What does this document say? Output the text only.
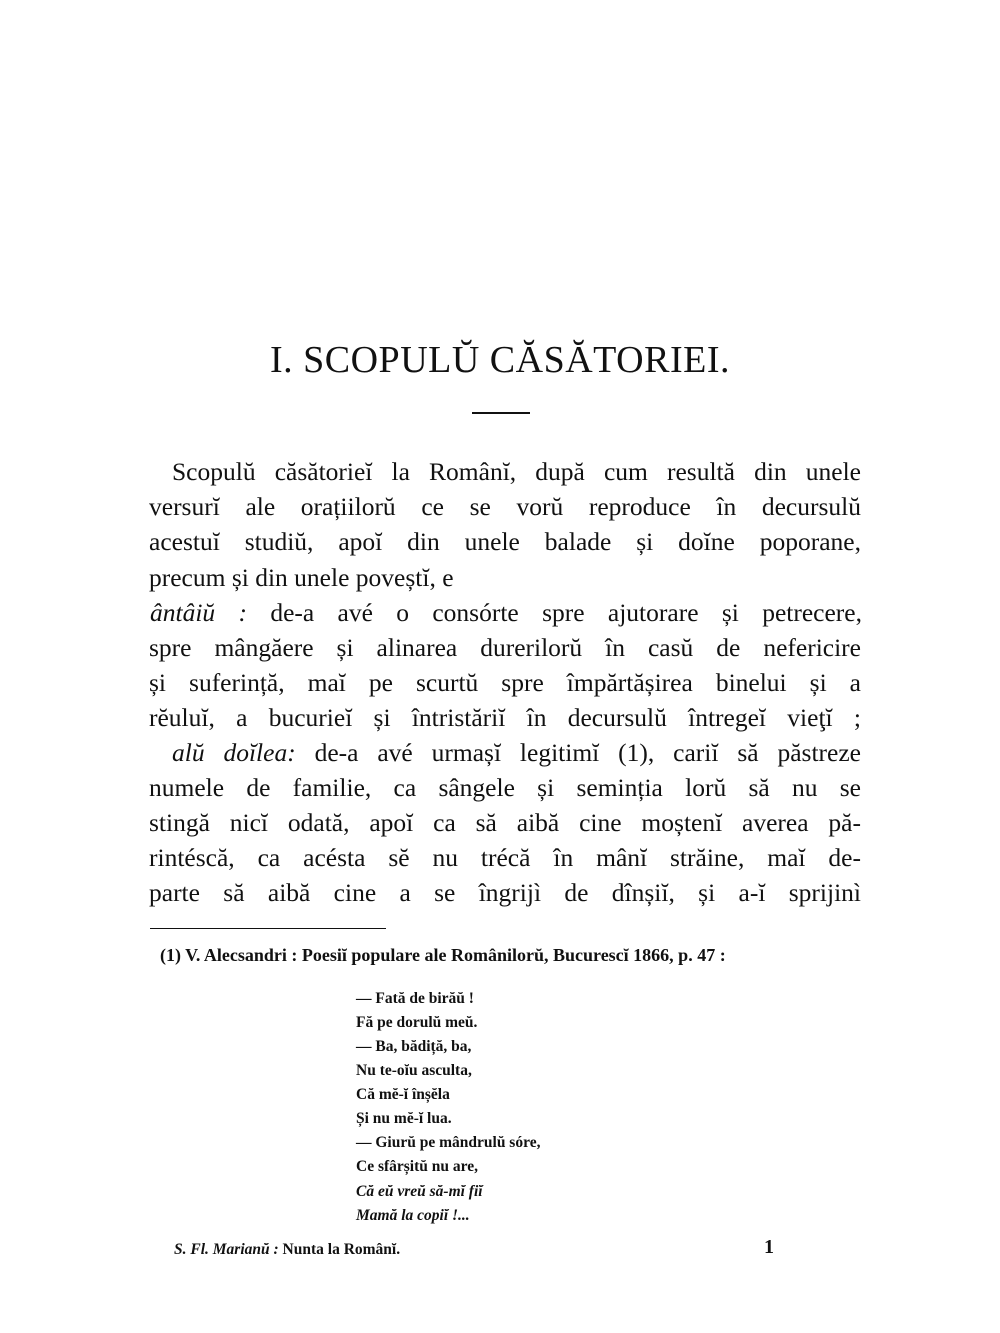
I. SCOPULŬ CĂSĂTORIEI.
Scopulŭ căsătorieĭ la Românĭ, după cum resultă din unele
versurĭ ale orațiilorŭ ce se vorŭ reproduce în decursulŭ
acestuĭ studiŭ, apoĭ din unele balade și doĭne poporane,
precum și din unele poveștĭ, e
ântâiŭ : de-a avé o consórte spre ajutorare și petrecere,
spre mângăere și alinarea durerilorŭ în casŭ de nefericire
și suferință, maĭ pe scurtŭ spre împărtășirea binelui și a
rĕuluĭ, a bucurieĭ și întristăriĭ în decursulŭ întregeĭ vieţĭ ;
alŭ doĭlea: de-a avé urmașĭ legitimĭ (1), cariĭ să păstreze
numele de familie, ca sângele și seminția lorŭ să nu se
stingă nicĭ odată, apoĭ ca să aibă cine moștenĭ averea pă-
rintéscă, ca acésta sĕ nu trécă în mânĭ străine, maĭ de-
parte să aibă cine a se îngrijì de dînșiĭ, și a-ĭ sprijinì
(1) V. Alecsandri : Poesiĭ populare ale Românilorŭ, Bucurescĭ 1866, p. 47 :
— Fată de birăŭ !
Fă pe dorulŭ meŭ.
— Ba, bădiță, ba,
Nu te-oĭu asculta,
Că mĕ-ĭ înșĕla
Și nu mĕ-ĭ lua.
— Giurŭ pe mândrulŭ sóre,
Ce sfârșitŭ nu are,
Că eŭ vreŭ să-mĭ fiĭ
Mamă la copiĭ !...
S. Fl. Marianŭ : Nunta la Românĭ.	1
